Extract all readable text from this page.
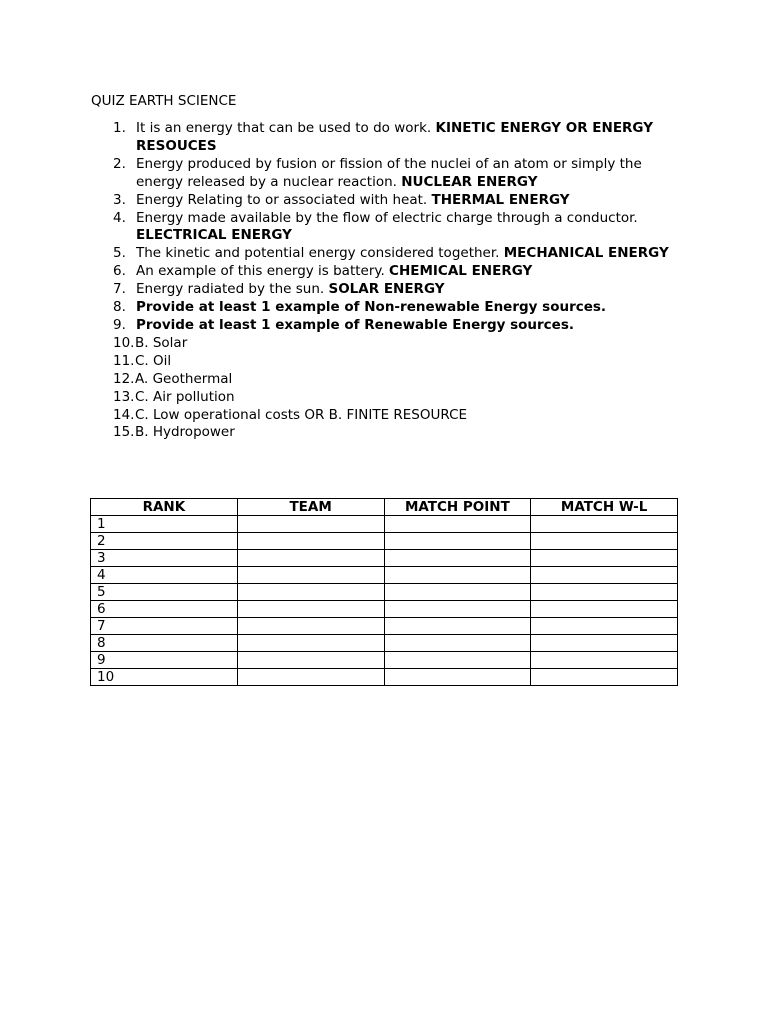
QUIZ EARTH SCIENCE
1. It is an energy that can be used to do work. KINETIC ENERGY OR ENERGY RESOUCES
2. Energy produced by fusion or fission of the nuclei of an atom or simply the energy released by a nuclear reaction. NUCLEAR ENERGY
3. Energy Relating to or associated with heat. THERMAL ENERGY
4. Energy made available by the flow of electric charge through a conductor. ELECTRICAL ENERGY
5. The kinetic and potential energy considered together. MECHANICAL ENERGY
6. An example of this energy is battery. CHEMICAL ENERGY
7. Energy radiated by the sun. SOLAR ENERGY
8. Provide at least 1 example of Non-renewable Energy sources.
9. Provide at least 1 example of Renewable Energy sources.
10. B. Solar
11. C. Oil
12. A. Geothermal
13. C. Air pollution
14. C. Low operational costs OR B. FINITE RESOURCE
15. B. Hydropower
RANK	TEAM	MATCH POINT	MATCH W-L
1			
2			
3			
4			
5			
6			
7			
8			
9			
10			
